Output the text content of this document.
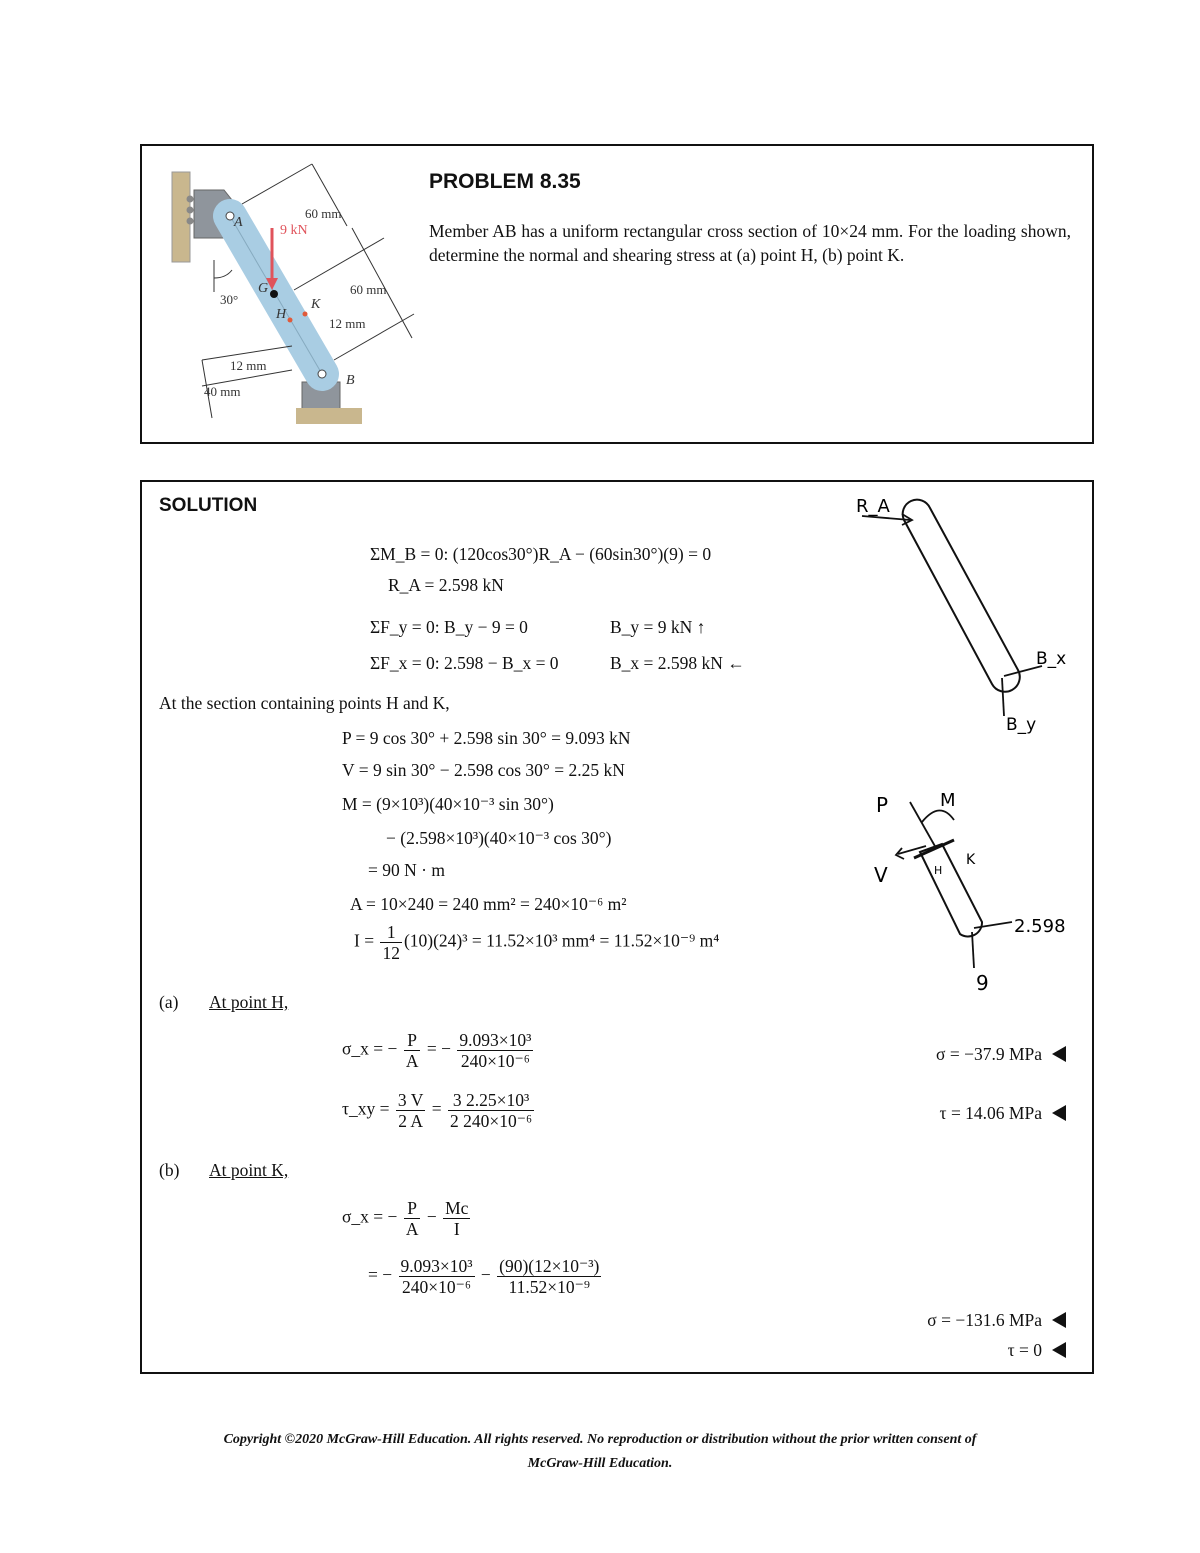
9 kN
A
G
H
K
B
30°
60 mm
60 mm
12 mm
12 mm
40 mm
PROBLEM 8.35
Member AB has a uniform rectangular cross section of 10×24 mm. For the loading shown, determine the normal and shearing stress at (a) point H, (b) point K.
SOLUTION
ΣM_B = 0: (120cos30°)R_A − (60sin30°)(9) = 0
R_A = 2.598 kN
ΣF_y = 0: B_y − 9 = 0	B_y = 9 kN ↑
ΣF_x = 0: 2.598 − B_x = 0	B_x = 2.598 kN ←
At the section containing points H and K,
P = 9 cos 30° + 2.598 sin 30° = 9.093 kN
V = 9 sin 30° − 2.598 cos 30° = 2.25 kN
M = (9×10³)(40×10⁻³ sin 30°)
− (2.598×10³)(40×10⁻³ cos 30°)
= 90 N · m
A = 10×240 = 240 mm² = 240×10⁻⁶ m²
$I = \frac{1}{12} (10)(24)^3 = 11.52\times 10^3$ mm⁴ = 11.52×10⁻⁹ m⁴
(a) At point H,
σ_x = − $\frac{P}{A}$ = − $\frac{\text{9.093×10³}}{\text{240×10⁻⁶}}$
τ_xy = $\frac{3 V}{2 A} = \frac{\text{3 2.25×10³}}{\text{2 240×10⁻⁶}}$
σ = −37.9 MPa
τ = 14.06 MPa
(b) At point K,
σ_x = − $\frac{P}{A} - \frac{Mc}{I}$
= − $\frac{\text{9.093×10³}}{\text{240×10⁻⁶}} - \frac{\text{(90)(12×10⁻³)}}{\text{11.52×10⁻⁹}}$
σ = −131.6 MPa
τ = 0
R_A
B_x
B_y
P	M
V	H
K
2.598
9
Copyright ©2020 McGraw-Hill Education. All rights reserved. No reproduction or distribution without the prior written consent of
McGraw-Hill Education.
